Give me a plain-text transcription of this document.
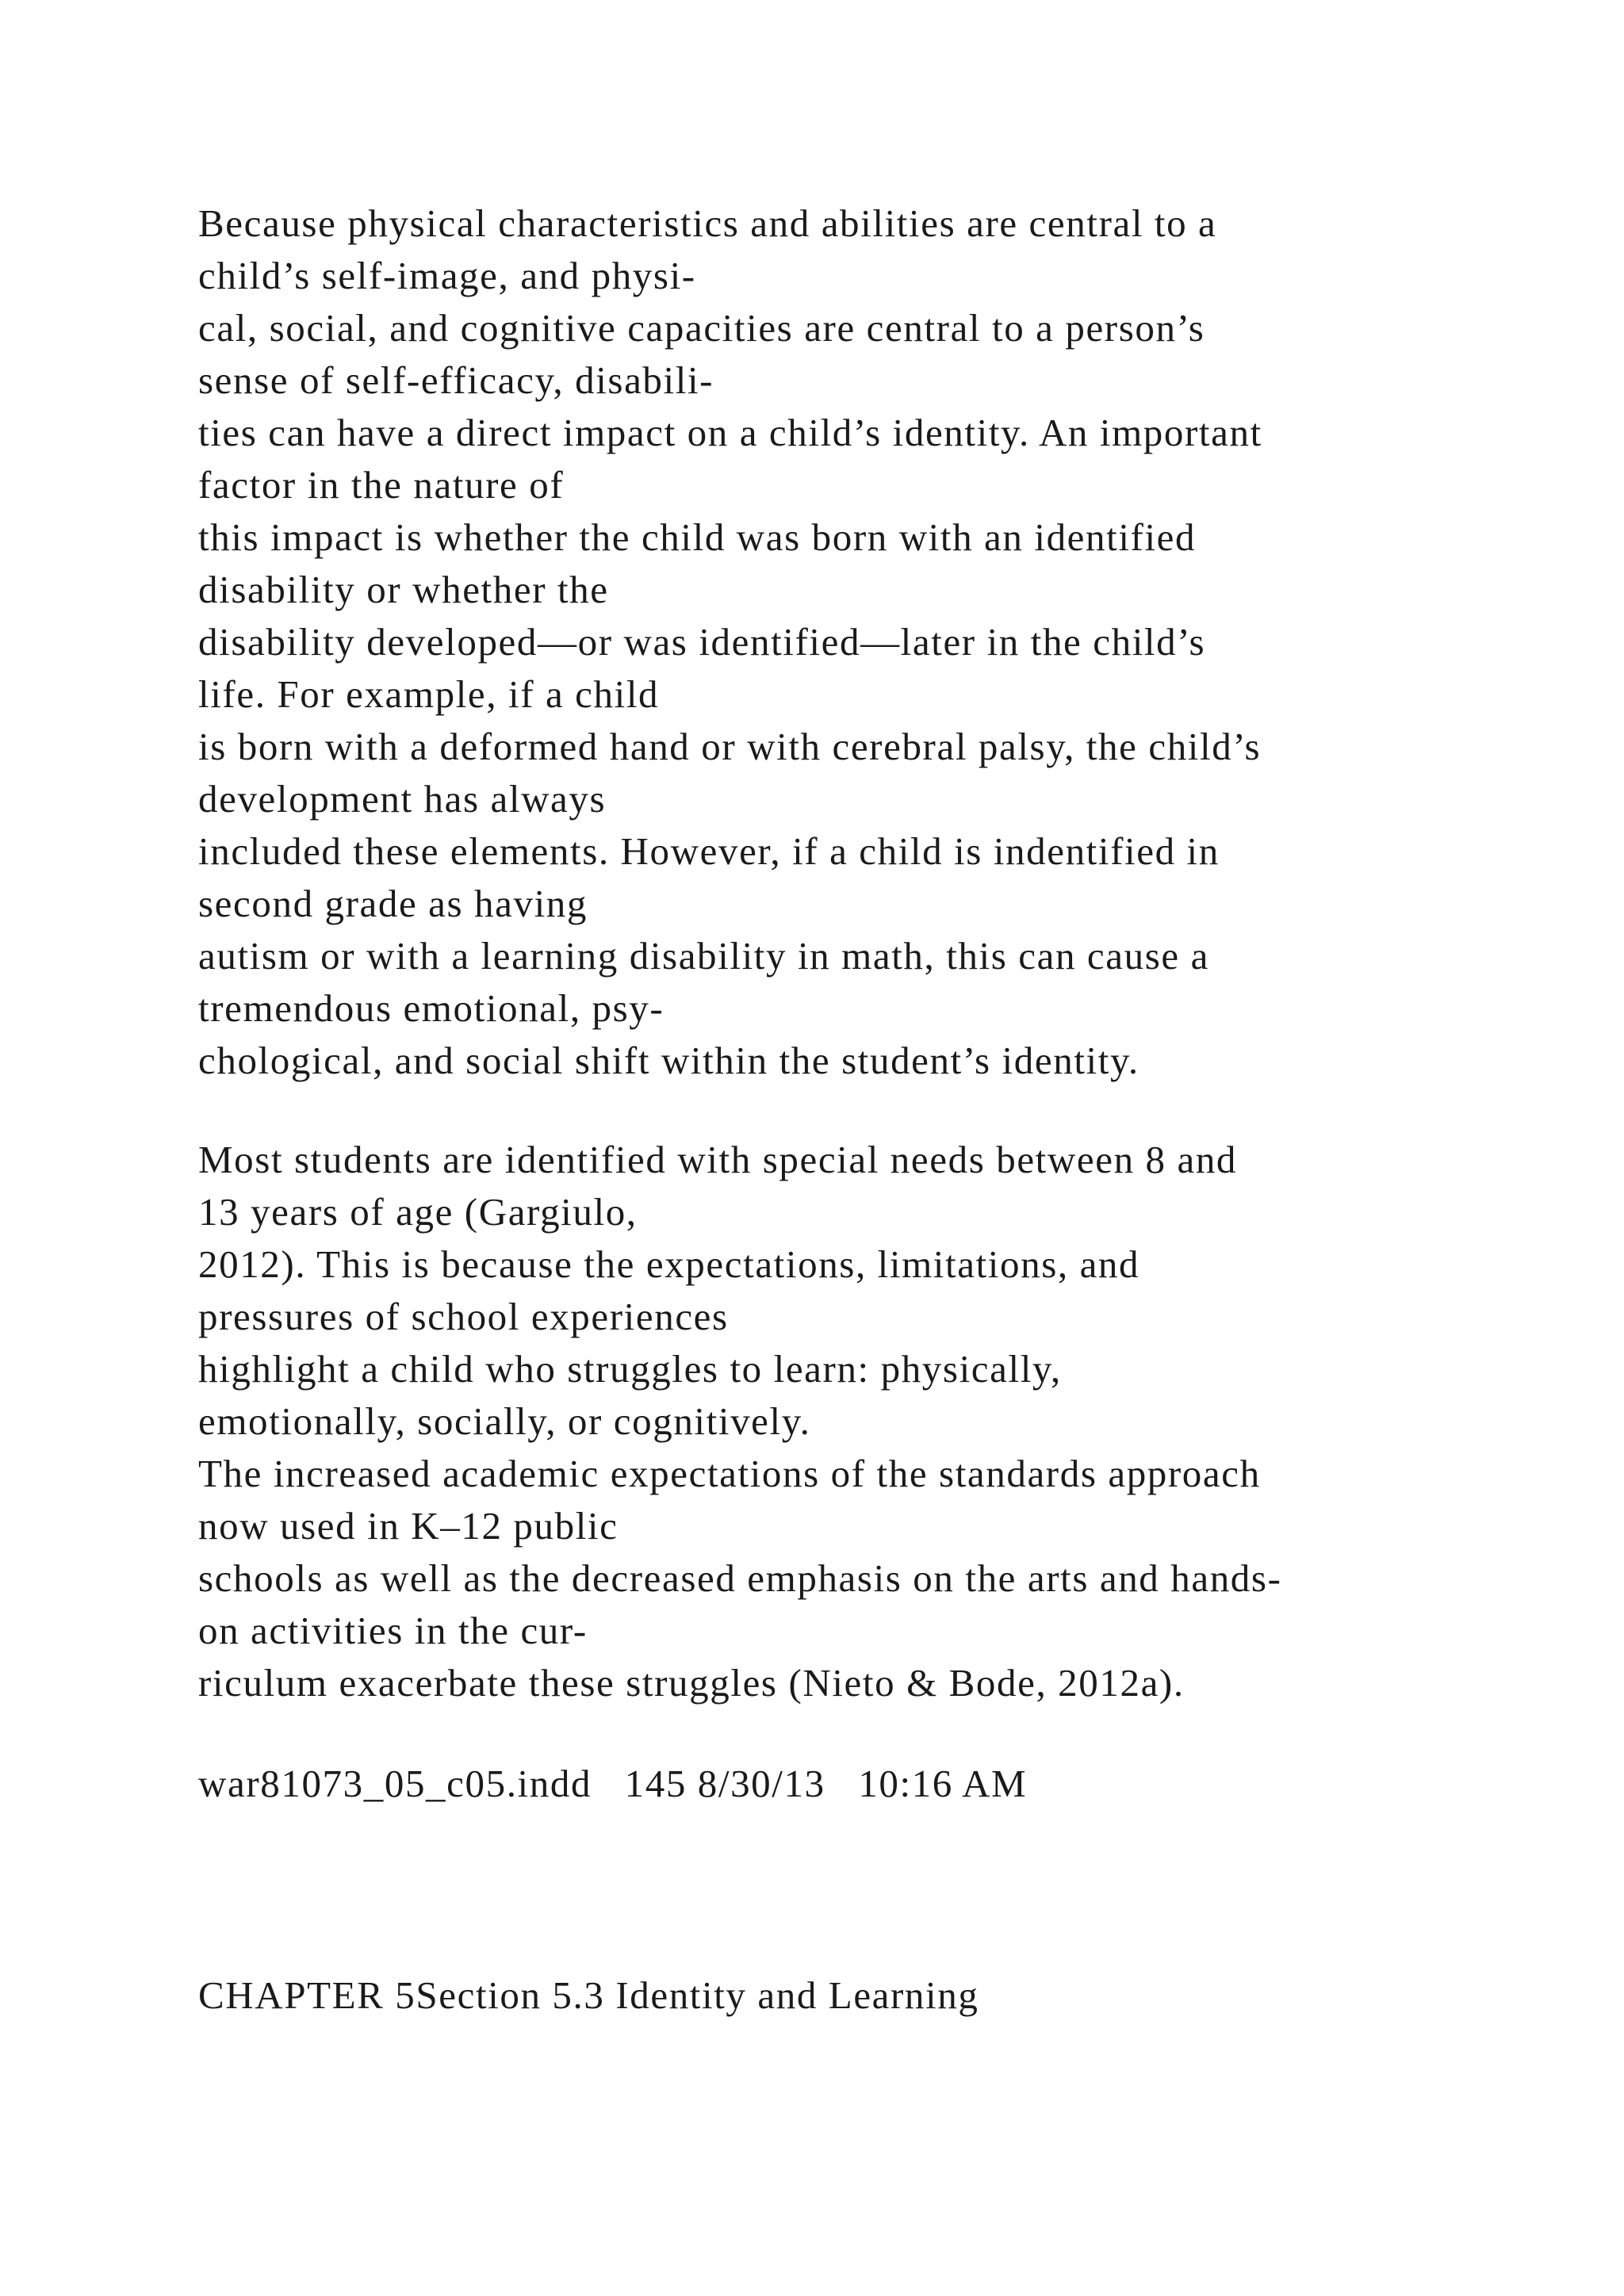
Because physical characteristics and abilities are central to a
child’s self-image, and physi-
cal, social, and cognitive capacities are central to a person’s
sense of self-efficacy, disabili-
ties can have a direct impact on a child’s identity. An important
factor in the nature of
this impact is whether the child was born with an identified
disability or whether the
disability developed—or was identified—later in the child’s
life. For example, if a child
is born with a deformed hand or with cerebral palsy, the child’s
development has always
included these elements. However, if a child is indentified in
second grade as having
autism or with a learning disability in math, this can cause a
tremendous emotional, psy-
chological, and social shift within the student’s identity.
Most students are identified with special needs between 8 and
13 years of age (Gargiulo,
2012). This is because the expectations, limitations, and
pressures of school experiences
highlight a child who struggles to learn: physically,
emotionally, socially, or cognitively.
The increased academic expectations of the standards approach
now used in K–12 public
schools as well as the decreased emphasis on the arts and hands-
on activities in the cur-
riculum exacerbate these struggles (Nieto & Bode, 2012a).
war81073_05_c05.indd   145 8/30/13   10:16 AM
CHAPTER 5Section 5.3 Identity and Learning
